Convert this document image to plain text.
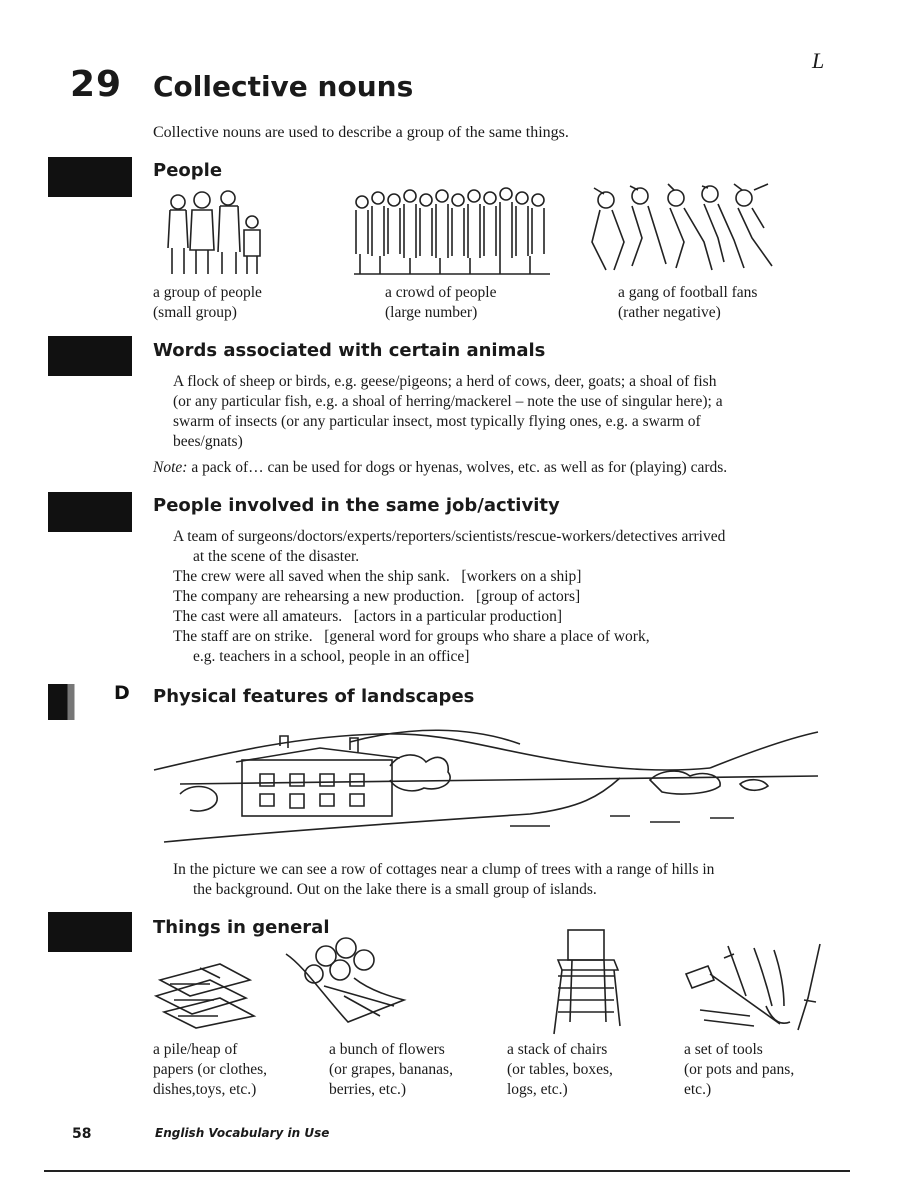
29 Collective nouns
L
Collective nouns are used to describe a group of the same things.
D
People
a group of people
(small group)
a crowd of people
(large number)
a gang of football fans
(rather negative)
Words associated with certain animals
A flock of sheep or birds, e.g. geese/pigeons; a herd of cows, deer, goats; a shoal of fish
(or any particular fish, e.g. a shoal of herring/mackerel – note the use of singular here); a
swarm of insects (or any particular insect, most typically flying ones, e.g. a swarm of
bees/gnats)
Note: a pack of… can be used for dogs or hyenas, wolves, etc. as well as for (playing) cards.
People involved in the same job/activity
A team of surgeons/doctors/experts/reporters/scientists/rescue-workers/detectives arrived
at the scene of the disaster.
The crew were all saved when the ship sank.   [workers on a ship]
The company are rehearsing a new production.   [group of actors]
The cast were all amateurs.   [actors in a particular production]
The staff are on strike.   [general word for groups who share a place of work,
e.g. teachers in a school, people in an office]
Physical features of landscapes
In the picture we can see a row of cottages near a clump of trees with a range of hills in
the background. Out on the lake there is a small group of islands.
Things in general
a pile/heap of
papers (or clothes,
dishes,toys, etc.)
a bunch of flowers
(or grapes, bananas,
berries, etc.)
a stack of chairs
(or tables, boxes,
logs, etc.)
a set of tools
(or pots and pans,
etc.)
58	English Vocabulary in Use
